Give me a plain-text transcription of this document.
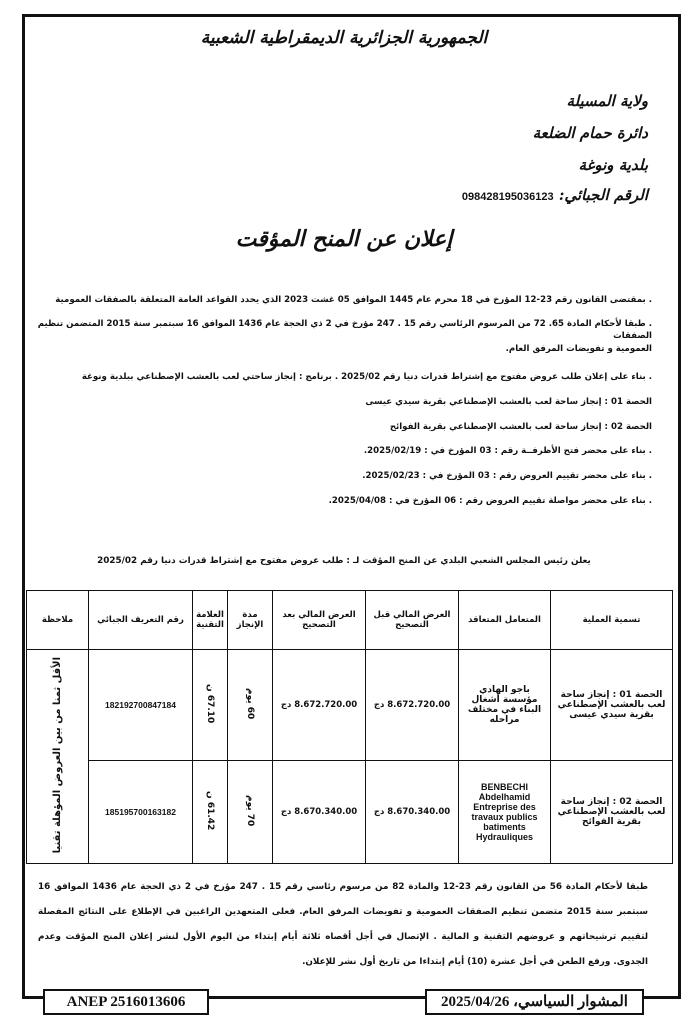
الجمهورية الجزائرية الديمقراطية الشعبية
ولاية المسيلة
دائرة حمام الضلعة
بلدية ونوغة
الرقم الجبائي: 098428195036123
إعلان عن المنح المؤقت
. بمقتضى القانون رقم 23-12 المؤرخ في 18 محرم عام 1445 الموافق 05 غشت 2023 الذي يحدد القواعد العامة المتعلقة بالصفقات العمومية
. طبقا لأحكام المادة 65. 72 من المرسوم الرئاسي رقم 15 . 247 مؤرخ في 2 ذي الحجة عام 1436 الموافق 16 سبتمبر سنة 2015 المتضمن تنظيم الصفقات
العمومية و تفويضات المرفق العام.
. بناء على إعلان طلب عروض مفتوح مع إشتراط قدرات دنيا رقم 2025/02 . برنامج : إنجاز ساحتي لعب بالعشب الإصطناعي ببلدية ونوغة
الحصة 01 : إنجاز ساحة لعب بالعشب الإصطناعي بقرية سيدي عيسى
الحصة 02 : إنجاز ساحة لعب بالعشب الإصطناعي بقرية الفوائح
. بناء على محضر فتح الأظرفــة رقم : 03 المؤرخ في : 2025/02/19.
. بناء على محضر تقييم العروض رقم : 03 المؤرخ في : 2025/02/23.
. بناء على محضر مواصلة تقييم العروض رقم : 06 المؤرخ في : 2025/04/08.
يعلن رئيس المجلس الشعبي البلدي عن المنح المؤقت لـ : طلب عروض مفتوح مع إشتراط قدرات دنيا رقم 2025/02
تسمية العملية	المتعامل المتعاقد	العرض المالي قبل التصحيح	العرض المالي بعد التصحيح	مدة الإنجاز	العلامة التقنية	رقم التعريف الجبائي	ملاحظة
الحصة 01 : إنجاز ساحة لعب بالعشب الإصطناعي بقرية سيدي عيسى	باجو الهادي مؤسسة أشغال البناء في مختلف مراحله	8.672.720.00 دج	8.672.720.00 دج	60 يوم	67.10 ن	182192700847184	الأقل ثمنا من بين العروض المؤهلة تقنيا
الحصة 02 : إنجاز ساحة لعب بالعشب الإصطناعي بقرية الفوائح	BENBECHI Abdelhamid Entreprise des travaux publics batiments Hydrauliques	8.670.340.00 دج	8.670.340.00 دج	70 يوم	61.42 ن	185195700163182	
طبقا لأحكام المادة 56 من القانون رقم 23-12 والمادة 82 من مرسوم رئاسي رقم 15 . 247 مؤرخ في 2 ذي الحجة عام 1436 الموافق 16 سبتمبر سنة 2015 متضمن تنظيم الصفقات العمومية و تفويضات المرفق العام. فعلى المتعهدين الراغبين في الإطلاع على النتائج المفصلة لتقييم ترشيحاتهم و عروضهم التقنية و المالية . الإتصال في أجل أقصاه ثلاثة أيام إبتداء من اليوم الأول لنشر إعلان المنح المؤقت وعدم الجدوى. ورفع الطعن في أجل عشرة (10) أيام إبتداءا من تاريخ أول نشر للإعلان.
ANEP 2516013606	المشوار السياسي، 2025/04/26
